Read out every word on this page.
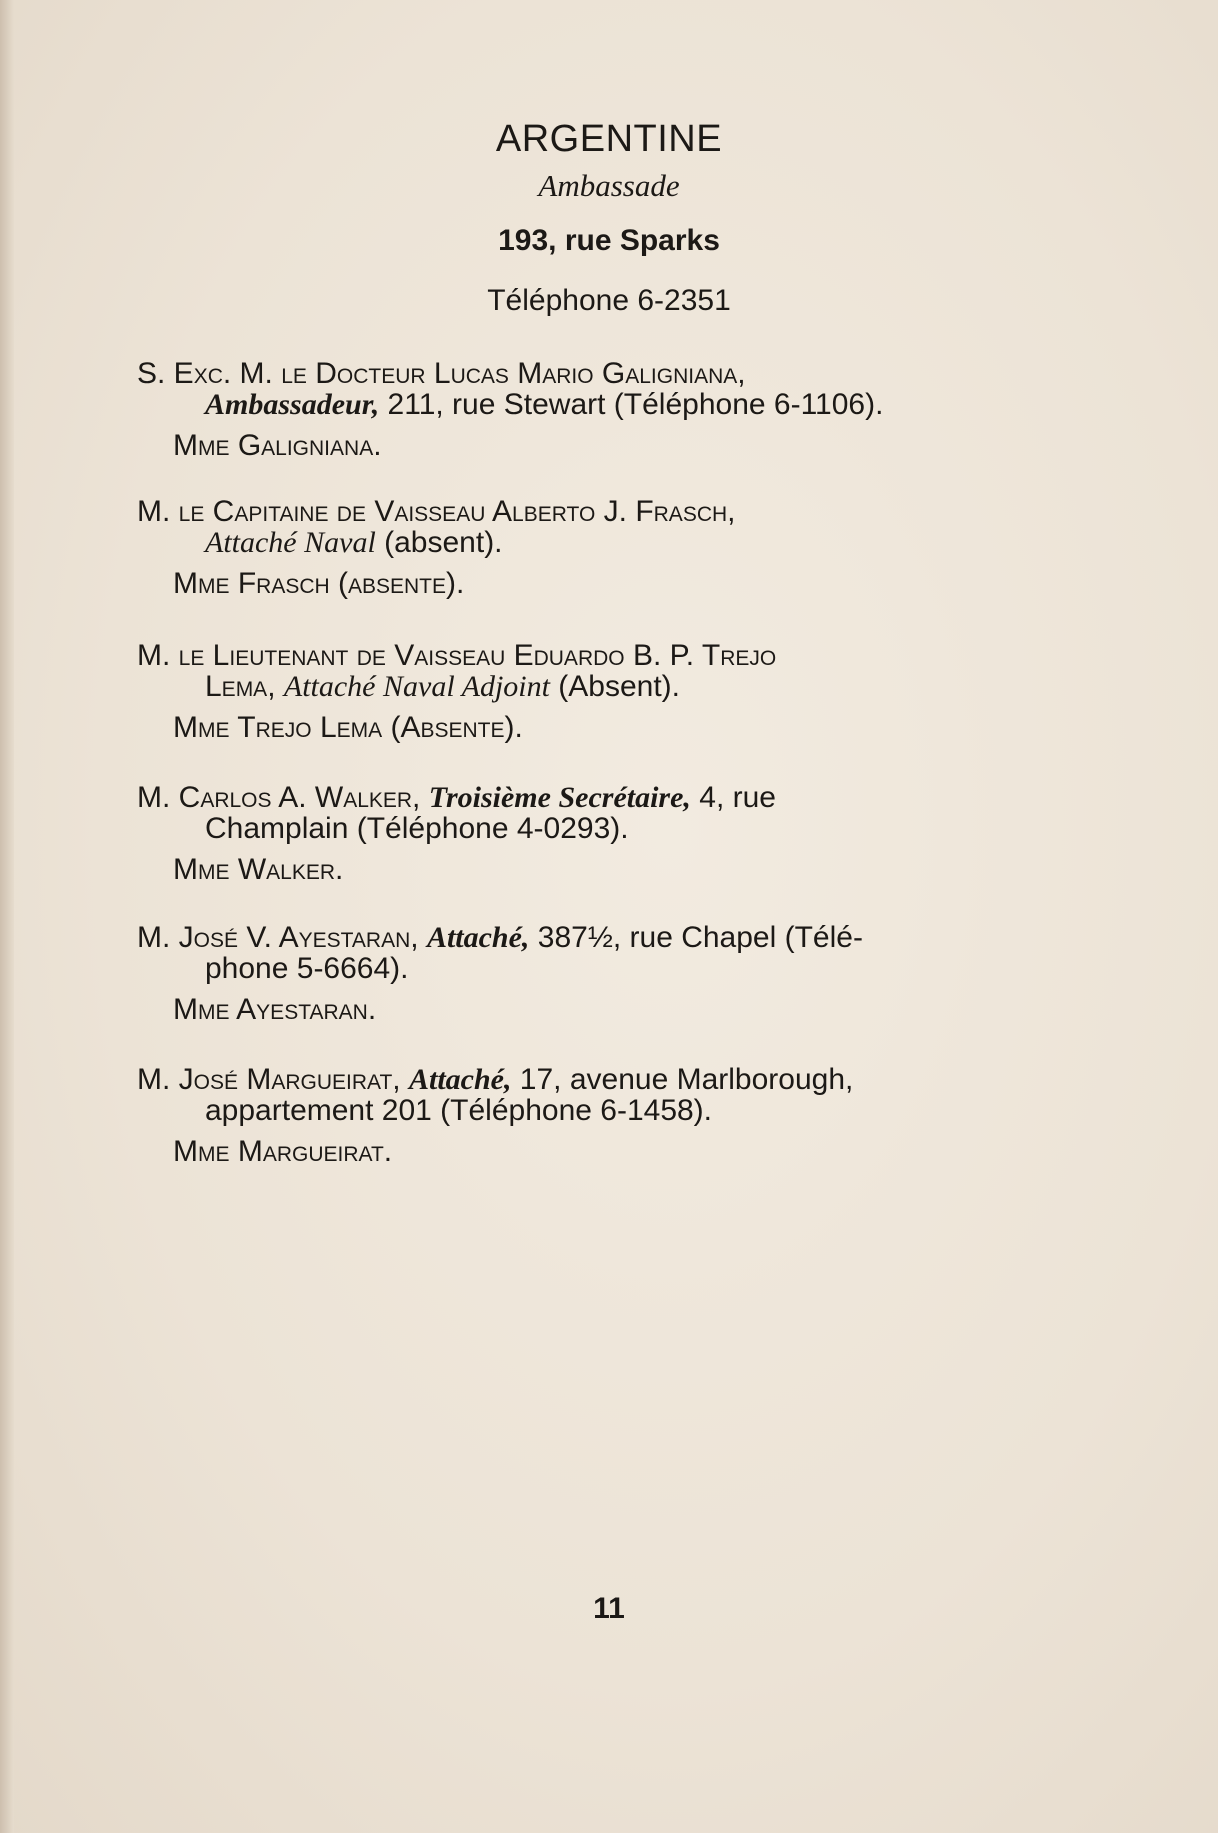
ARGENTINE
Ambassade
193, rue Sparks
Téléphone 6-2351
S. Exc. M. le Docteur Lucas Mario Galigniana,
Ambassadeur, 211, rue Stewart (Téléphone 6-1106).
Mme Galigniana.
M. le Capitaine de Vaisseau Alberto J. Frasch,
Attaché Naval (absent).
Mme Frasch (absente).
M. le Lieutenant de Vaisseau Eduardo B. P. Trejo
Lema, Attaché Naval Adjoint (Absent).
Mme Trejo Lema (Absente).
M. Carlos A. Walker, Troisième Secrétaire, 4, rue
Champlain (Téléphone 4-0293).
Mme Walker.
M. José V. Ayestaran, Attaché, 387½, rue Chapel (Télé-
phone 5-6664).
Mme Ayestaran.
M. José Margueirat, Attaché, 17, avenue Marlborough,
appartement 201 (Téléphone 6-1458).
Mme Margueirat.
11
